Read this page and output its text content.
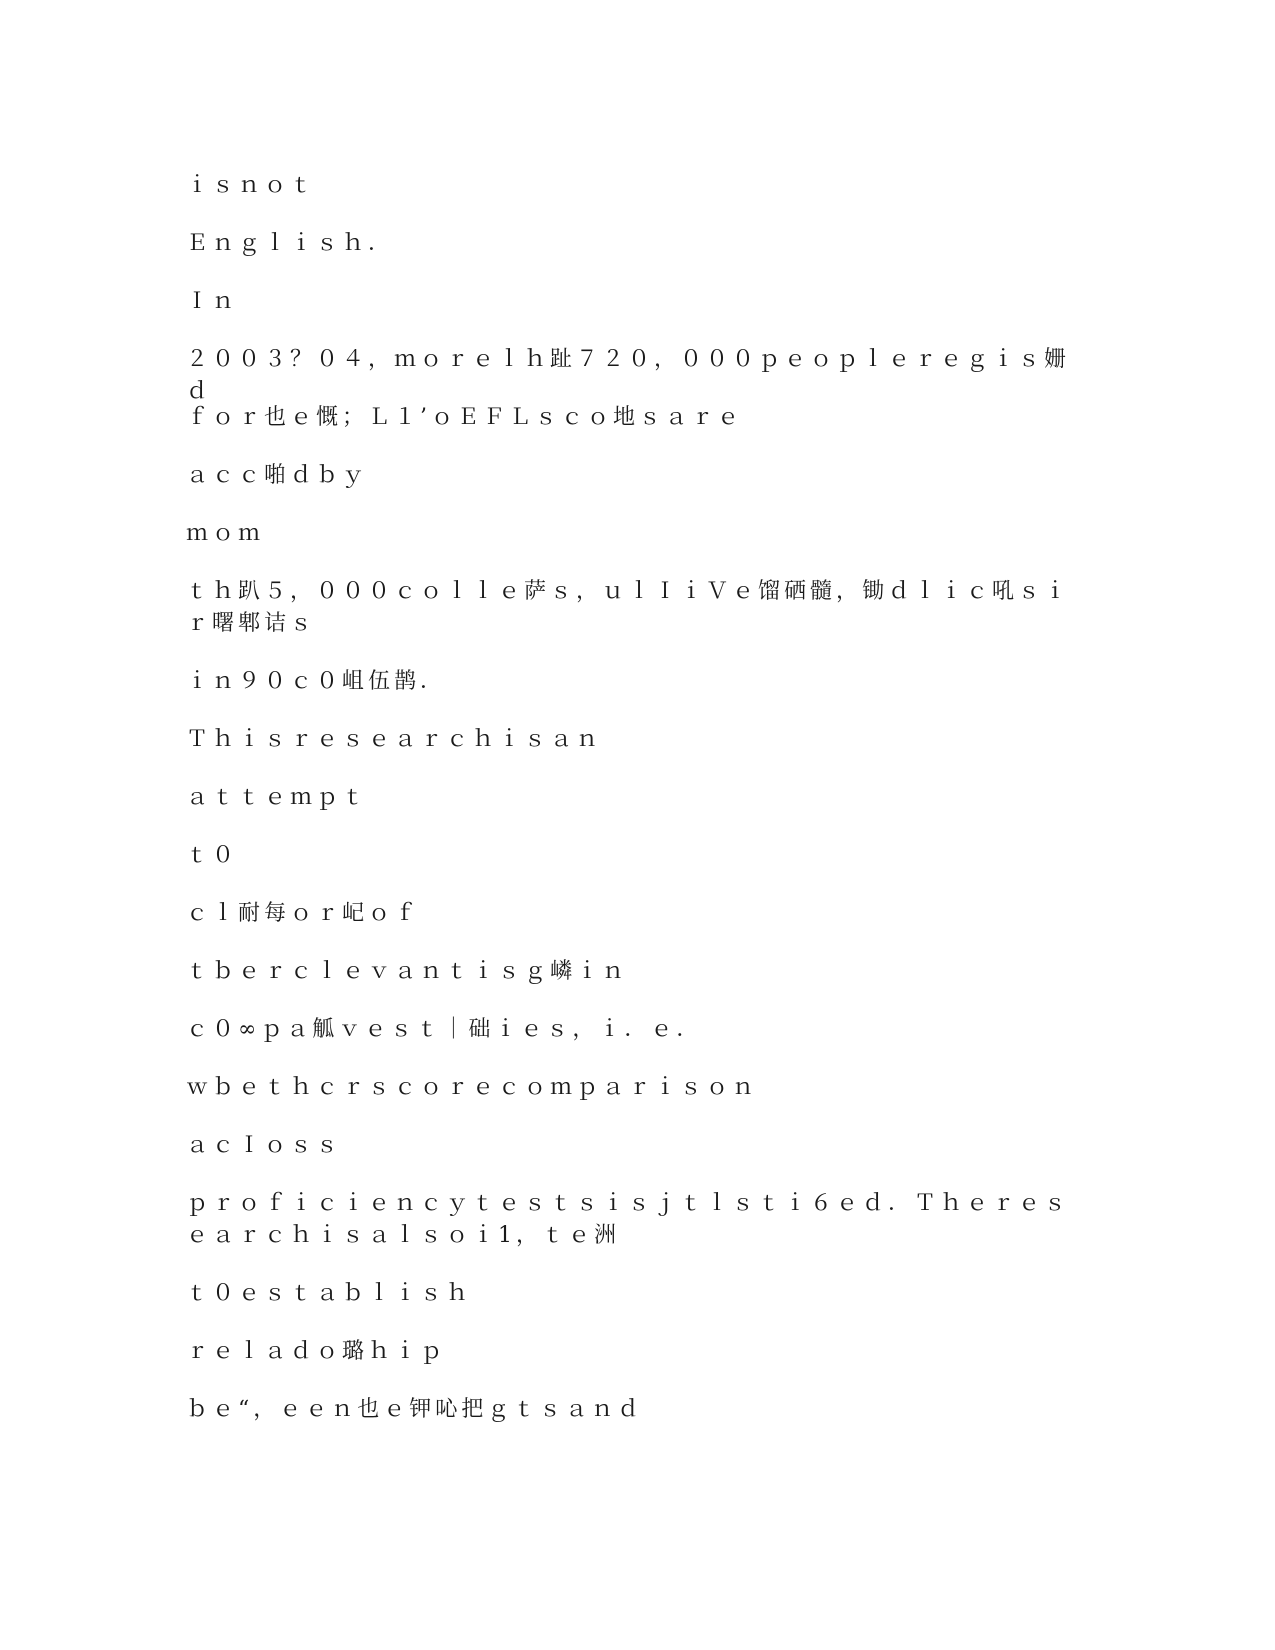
ｉｓｎｏｔ

Ｅｎｇｌｉｓｈ．

Ｉｎ

２００３？０４，ｍｏｒｅｌｈ趾７２０，０００ｐｅｏｐｌｅｒｅｇｉｓ姗ｄ

ｆｏｒ也ｅ慨；Ｌ１’ｏＥＦＬｓｃｏ地ｓａｒｅ

ａｃｃ啪ｄｂｙ

ｍｏｍ

ｔｈ趴５，０００ｃｏｌｌｅ萨ｓ，ｕｌＩｉＶｅ馏硒髓，锄ｄｌｉｃ吼ｓｉｒ曙郫诘ｓ

ｉｎ９０ｃ０岨伍鹊．

Ｔｈｉｓｒｅｓｅａｒｃｈｉｓａｎ

ａｔｔｅｍｐｔ

ｔ０

ｃｌ耐每ｏｒ屺ｏｆ

ｔｂｅｒｃｌｅｖａｎｔｉｓｇ嶙ｉｎ

ｃ０∞ｐａ觚ｖｅｓｔ｜础ｉｅｓ，ｉ．ｅ．

ｗｂｅｔｈｃｒｓｃｏｒｅｃｏｍｐａｒｉｓｏｎ

ａｃＩｏｓｓ

ｐｒｏｆｉｃｉｅｎｃｙｔｅｓｔｓｉｓｊｔｌｓｔｉ６ｅｄ．Ｔｈｅｒｅｓｅａｒｃｈｉｓａｌｓｏｉ1，ｔｅ洲

ｔ０ｅｓｔａｂｌｉｓｈ

ｒｅｌａｄｏ璐ｈｉｐ

ｂｅ“，ｅｅｎ也ｅ钾吣把ｇｔｓａｎｄ
